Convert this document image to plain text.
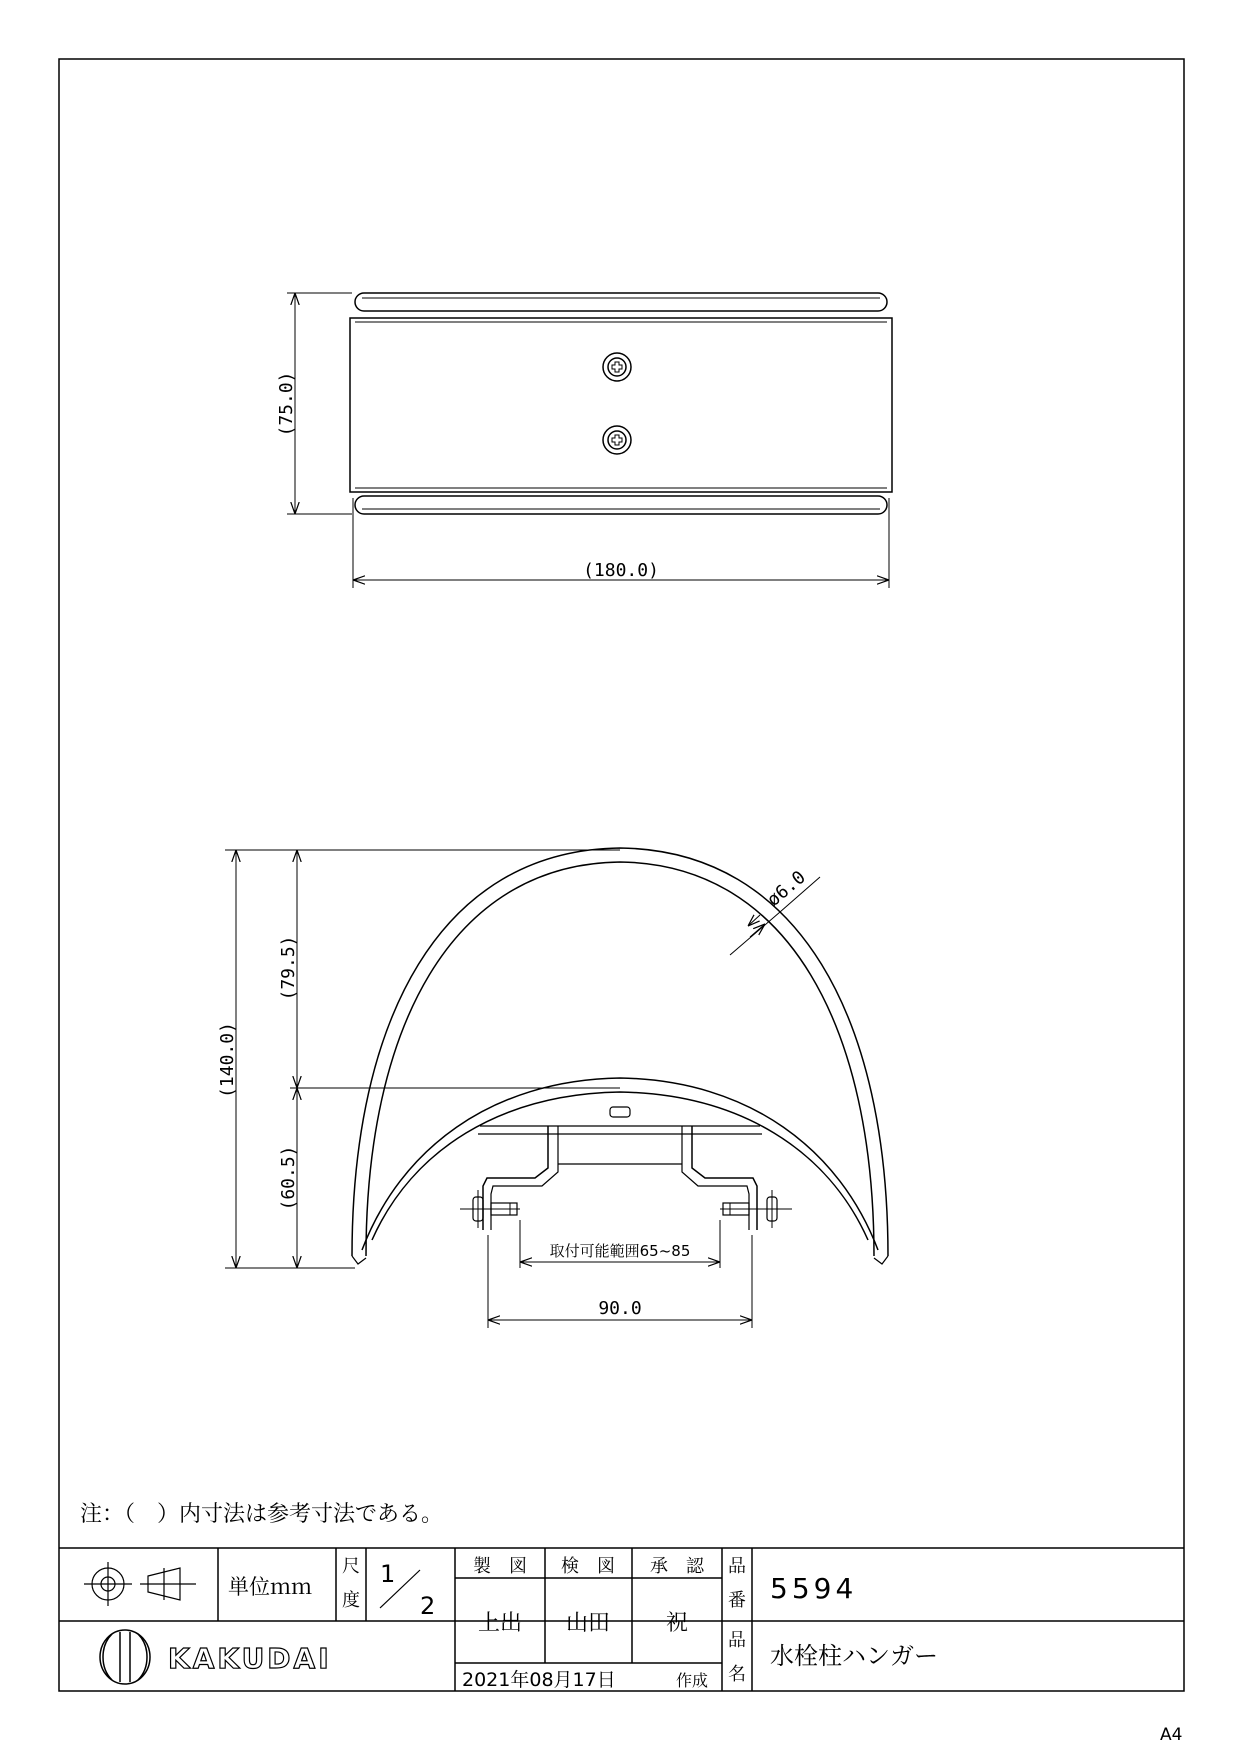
(75.0)
(180.0)
(140.0)
(79.5)
(60.5)
ø6.0
取付可能範囲65~85
90.0
注：（　）内寸法は参考寸法である。
単位ｍｍ
尺
度
1
2
製　図 検　図 承　認
上出 山田	祝
品
番 5594
品
名
水栓柱ハンガー
2021年08月17日	作成
KAKUDAI
A4
